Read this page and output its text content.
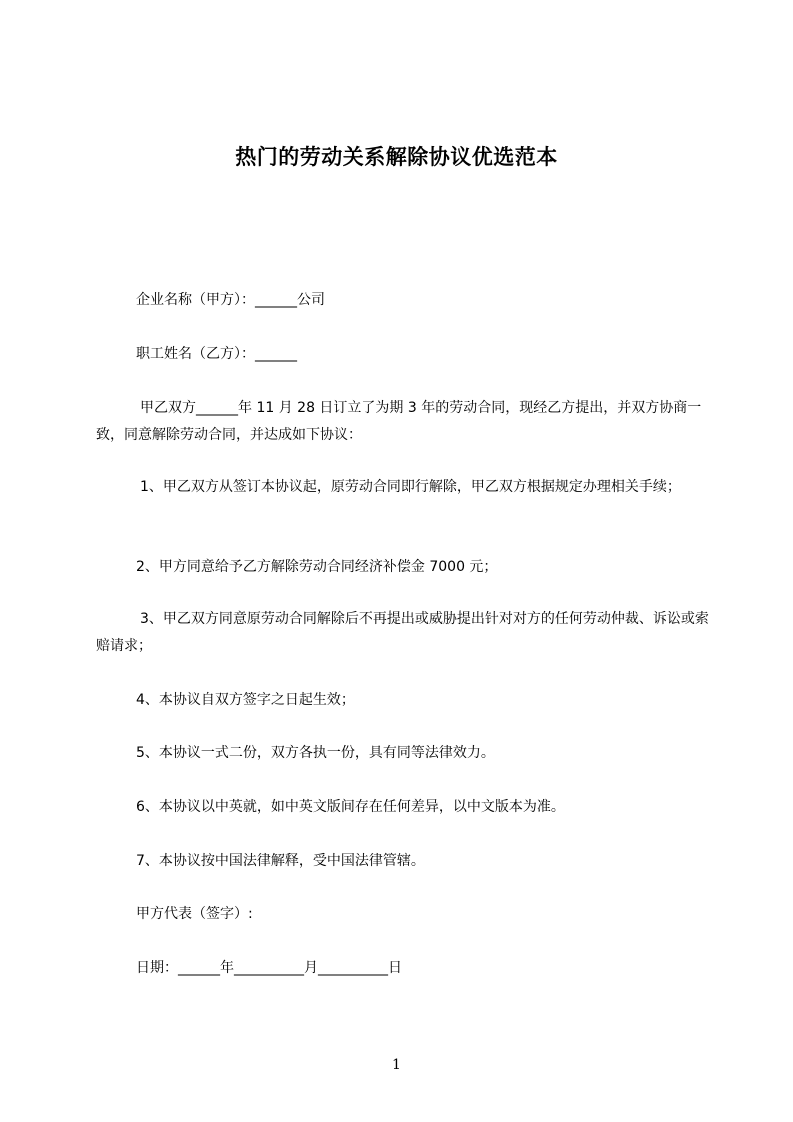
热门的劳动关系解除协议优选范本
企业名称（甲方）：______公司
职工姓名（乙方）：______
甲乙双方______年 11 月 28 日订立了为期 3 年的劳动合同，现经乙方提出，并双方协商一致，同意解除劳动合同，并达成如下协议：
1、甲乙双方从签订本协议起，原劳动合同即行解除，甲乙双方根据规定办理相关手续；
2、甲方同意给予乙方解除劳动合同经济补偿金 7000 元；
3、甲乙双方同意原劳动合同解除后不再提出或威胁提出针对对方的任何劳动仲裁、诉讼或索赔请求；
4、本协议自双方签字之日起生效；
5、本协议一式二份，双方各执一份，具有同等法律效力。
6、本协议以中英就，如中英文版间存在任何差异，以中文版本为准。
7、本协议按中国法律解释，受中国法律管辖。
甲方代表（签字）:
日期：______年__________月__________日
1
